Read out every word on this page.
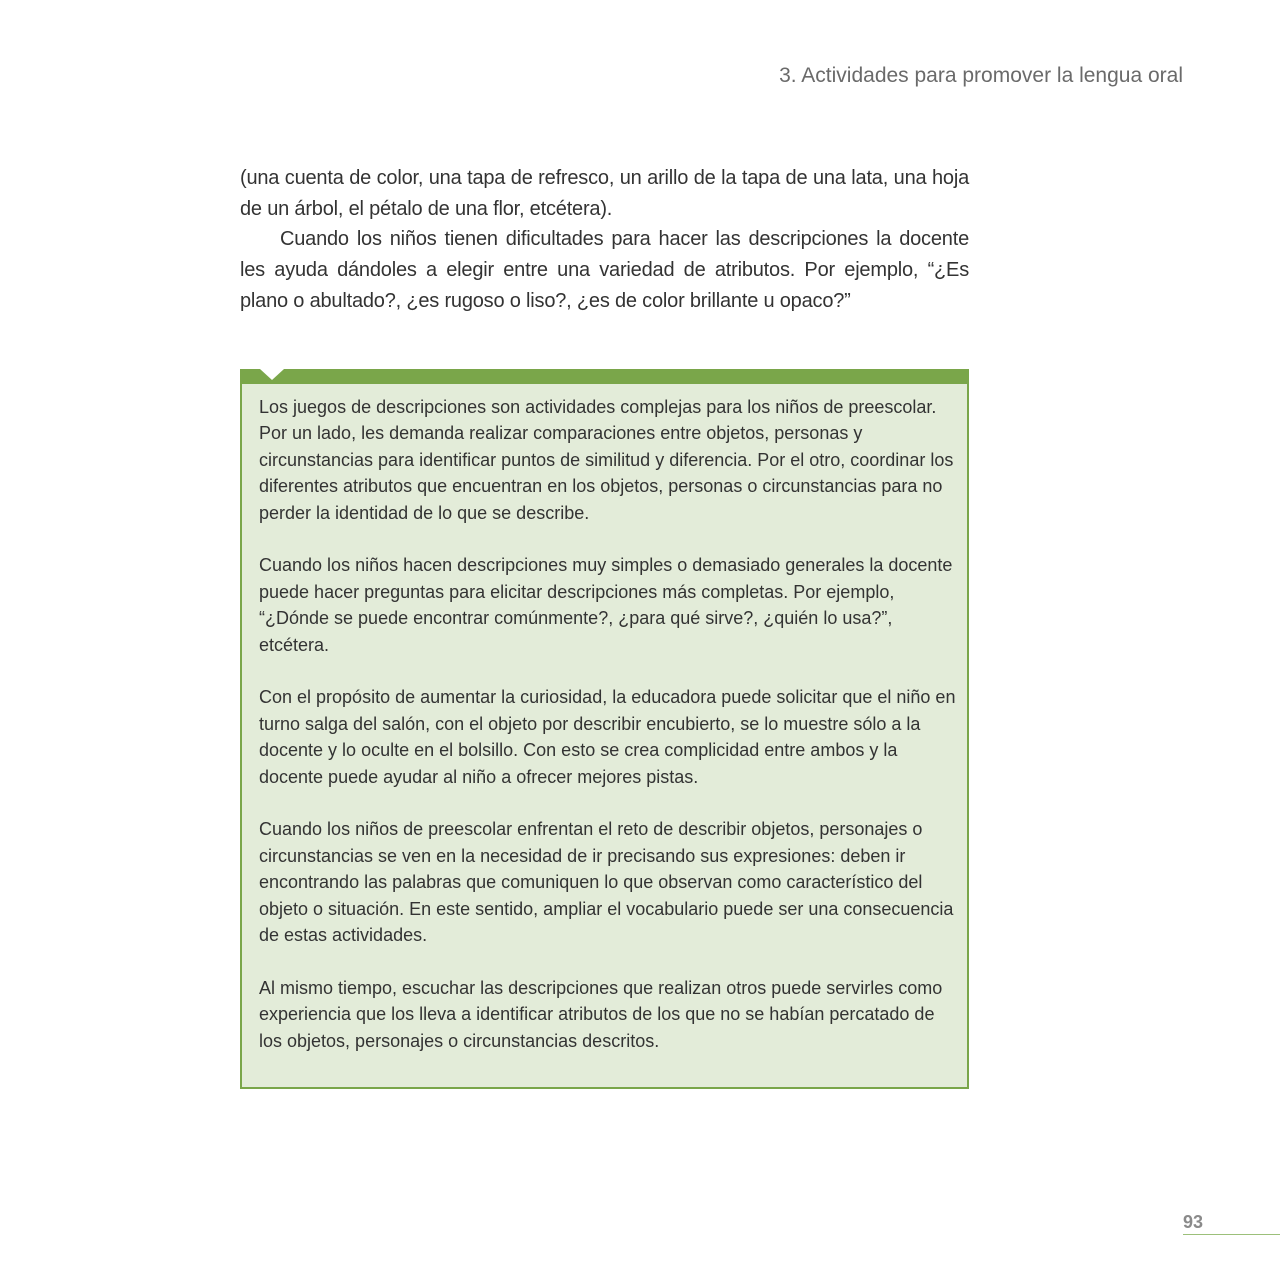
3. Actividades para promover la lengua oral

(una cuenta de color, una tapa de refresco, un arillo de la tapa de una lata, una hoja de un árbol, el pétalo de una flor, etcétera).

Cuando los niños tienen dificultades para hacer las descripciones la docente les ayuda dándoles a elegir entre una variedad de atributos. Por ejemplo, “¿Es plano o abultado?, ¿es rugoso o liso?, ¿es de color brillante u opaco?”

Los juegos de descripciones son actividades complejas para los niños de preescolar. Por un lado, les demanda realizar comparaciones entre objetos, personas y circunstancias para identificar puntos de similitud y diferencia. Por el otro, coordinar los diferentes atributos que encuentran en los objetos, personas o circunstancias para no perder la identidad de lo que se describe.

Cuando los niños hacen descripciones muy simples o demasiado generales la docente puede hacer preguntas para elicitar descripciones más completas. Por ejemplo, “¿Dónde se puede encontrar comúnmente?, ¿para qué sirve?, ¿quién lo usa?”, etcétera.

Con el propósito de aumentar la curiosidad, la educadora puede solicitar que el niño en turno salga del salón, con el objeto por describir encubierto, se lo muestre sólo a la docente y lo oculte en el bolsillo. Con esto se crea complicidad entre ambos y la docente puede ayudar al niño a ofrecer mejores pistas.

Cuando los niños de preescolar enfrentan el reto de describir objetos, personajes o circunstancias se ven en la necesidad de ir precisando sus expresiones: deben ir encontrando las palabras que comuniquen lo que observan como característico del objeto o situación. En este sentido, ampliar el vocabulario puede ser una consecuencia de estas actividades.

Al mismo tiempo, escuchar las descripciones que realizan otros puede servirles como experiencia que los lleva a identificar atributos de los que no se habían percatado de los objetos, personajes o circunstancias descritos.

93
